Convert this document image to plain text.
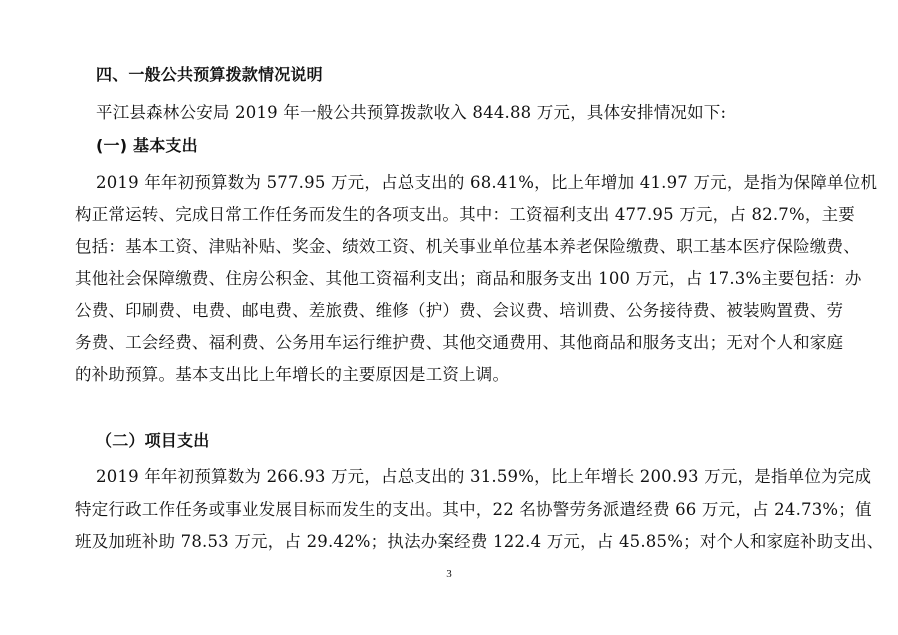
四、一般公共预算拨款情况说明
平江县森林公安局 2019 年一般公共预算拨款收入 844.88 万元，具体安排情况如下:
(一) 基本支出
2019 年年初预算数为 577.95 万元，占总支出的 68.41%，比上年增加 41.97 万元，是指为保障单位机
构正常运转、完成日常工作任务而发生的各项支出。其中：工资福利支出 477.95 万元，占 82.7%，主要
包括：基本工资、津贴补贴、奖金、绩效工资、机关事业单位基本养老保险缴费、职工基本医疗保险缴费、
其他社会保障缴费、住房公积金、其他工资福利支出；商品和服务支出 100 万元，占 17.3%主要包括：办
公费、印刷费、电费、邮电费、差旅费、维修（护）费、会议费、培训费、公务接待费、被装购置费、劳
务费、工会经费、福利费、公务用车运行维护费、其他交通费用、其他商品和服务支出；无对个人和家庭
的补助预算。基本支出比上年增长的主要原因是工资上调。
（二）项目支出
2019 年年初预算数为 266.93 万元，占总支出的 31.59%，比上年增长 200.93 万元，是指单位为完成
特定行政工作任务或事业发展目标而发生的支出。其中，22 名协警劳务派遣经费 66 万元，占 24.73%；值
班及加班补助 78.53 万元，占 29.42%；执法办案经费 122.4 万元，占 45.85%；对个人和家庭补助支出、
3
